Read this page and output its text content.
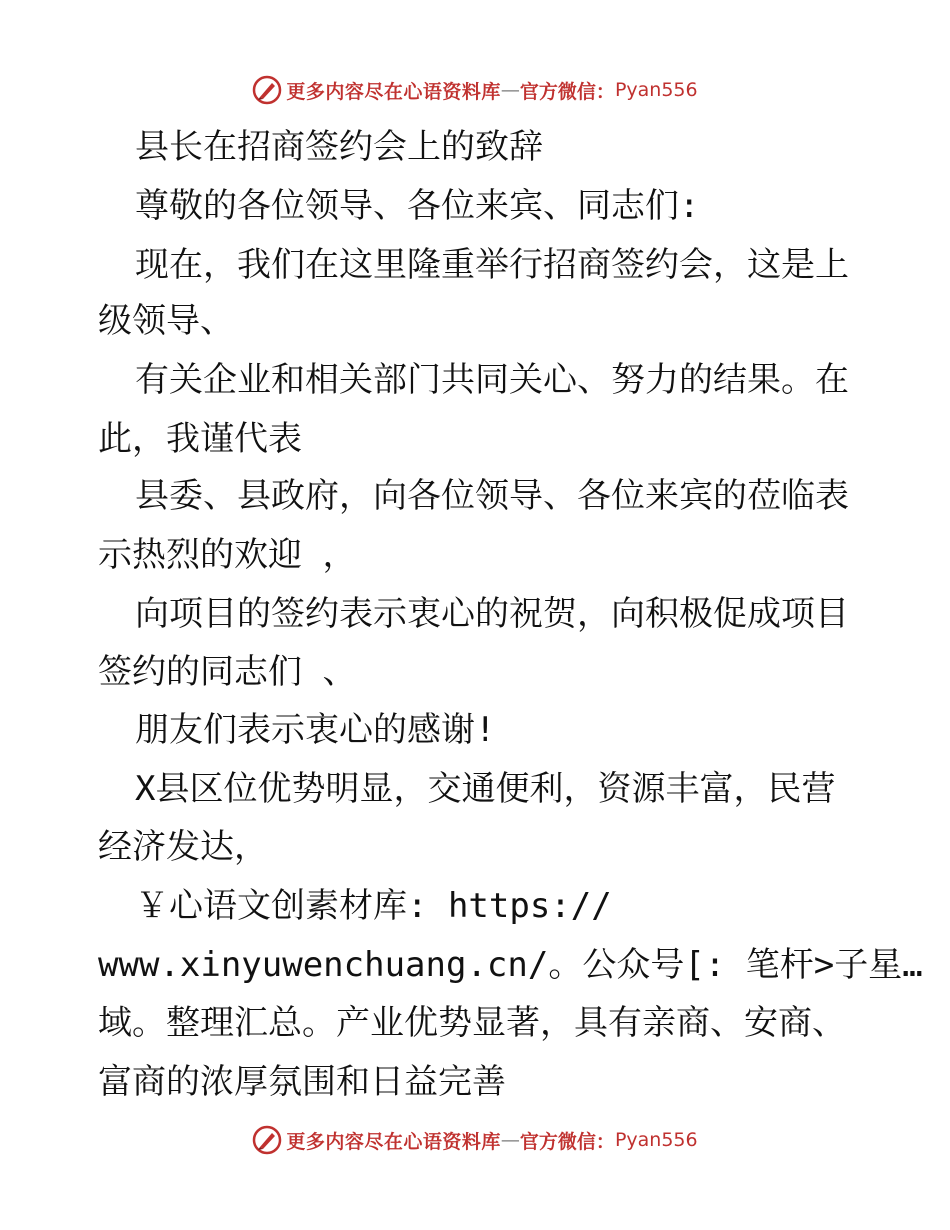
更多内容尽在心语资料库 — 官方微信： Pyan556
县长在招商签约会上的致辞
尊敬的各位领导、各位来宾、同志们:
现在，我们在这里隆重举行招商签约会，这是上
级领导、
有关企业和相关部门共同关心、努力的结果。在
此，我谨代表
县委、县政府，向各位领导、各位来宾的莅临表
示热烈的欢迎 ，
向项目的签约表示衷心的祝贺，向积极促成项目
签约的同志们 、
朋友们表示衷心的感谢!
X县区位优势明显，交通便利，资源丰富，民营
经济发达，
￥心语文创素材库: https://
www.xinyuwenchuang.cn/。公众号[: 笔杆>子星…
域。整理汇总。产业优势显著，具有亲商、安商、
富商的浓厚氛围和日益完善
更多内容尽在心语资料库 — 官方微信： Pyan556
